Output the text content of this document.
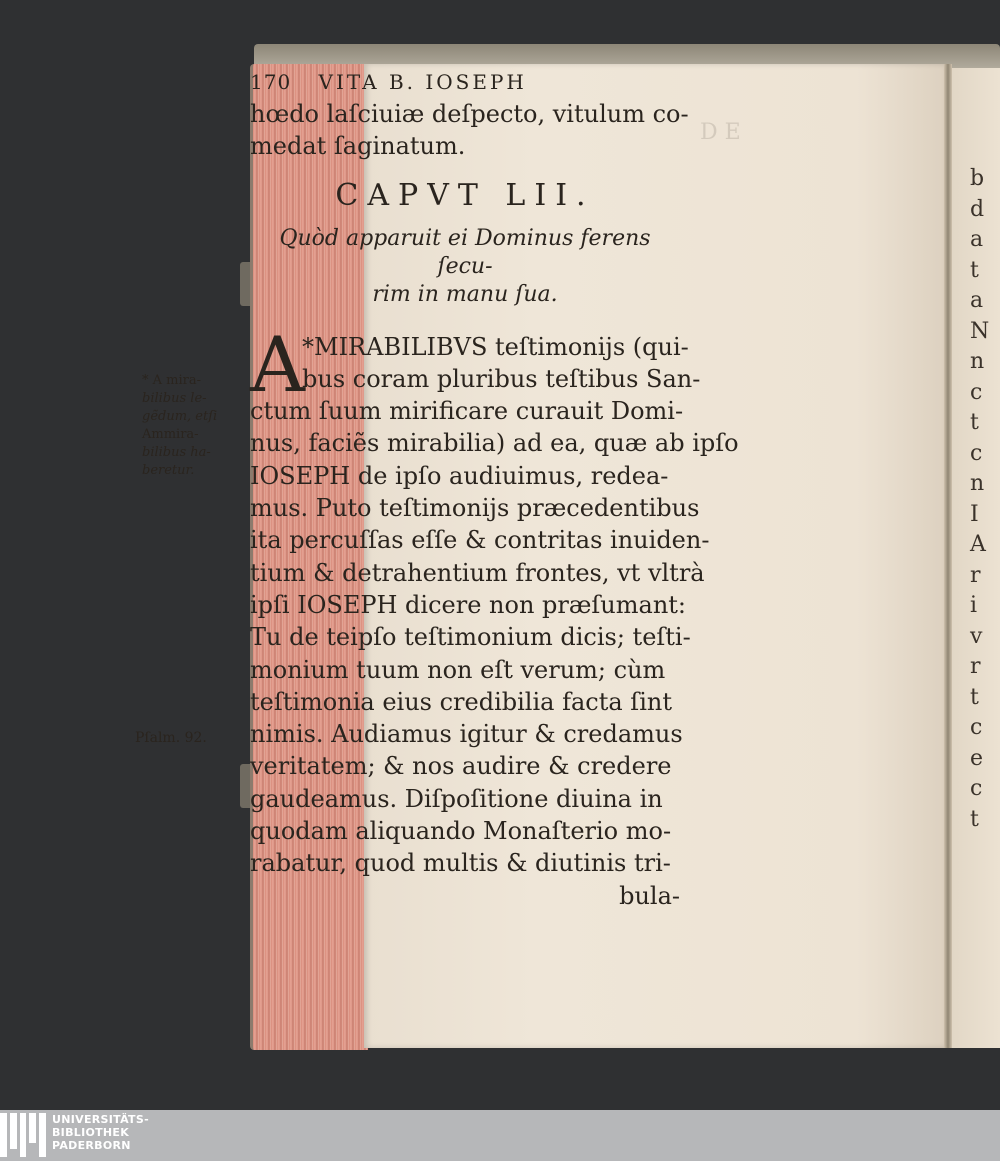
b
d
a
t
a
N
n
c
t
c
n
I
A
r
i
v
r
t
c
e
c
t
D E
170 VITA B. IOSEPH
hœdo laſciuiæ deſpecto, vitulum co-
medat ſaginatum.
CAPVT LII.
Quòd apparuit ei Dominus ferens ſecu-
rim in manu ſua.
A
*MIRABILIBVS teſtimonijs (qui-
bus coram pluribus teſtibus San-
ctum ſuum mirificare curauit Domi-
nus, faciẽs mirabilia) ad ea, quæ ab ipſo
IOSEPH de ipſo audiuimus, redea-
mus. Puto teſtimonijs præcedentibus
ita percuſſas eſſe & contritas inuiden-
tium & detrahentium frontes, vt vltrà
ipſi IOSEPH dicere non præſumant:
Tu de teipſo teſtimonium dicis; teſti-
monium tuum non eſt verum; cùm
teſtimonia eius credibilia facta ſint
nimis. Audiamus igitur & credamus
veritatem; & nos audire & credere
gaudeamus. Diſpoſitione diuina in
quodam aliquando Monaſterio mo-
rabatur, quod multis & diutinis tri-
bula-
* A mira-
bilibus le-
gẽdum, etſi
Ammira-
bilibus ha-
beretur.
Pſalm. 92.
UNIVERSITÄTS-
BIBLIOTHEK
PADERBORN
